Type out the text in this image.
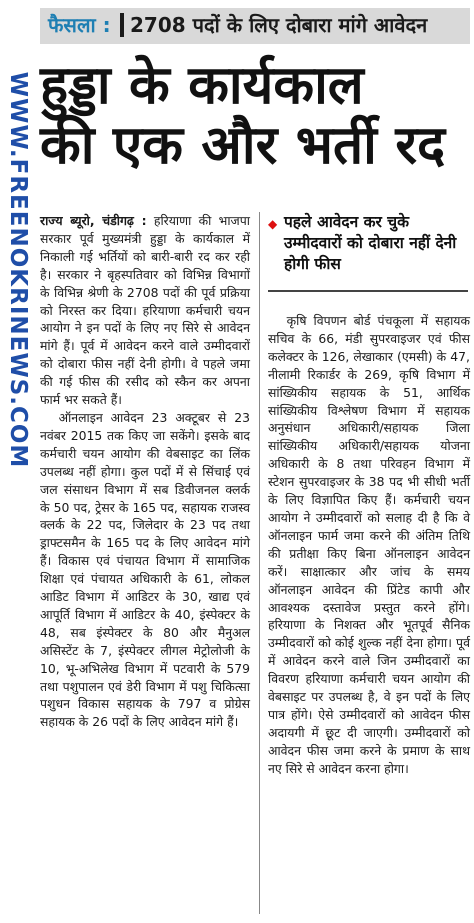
फैसला : 2708 पदों के लिए दोबारा मांगे आवेदन
WWW.FREENOKRINEWS.COM हुड्डा के कार्यकाल
की एक और भर्ती रद

राज्य ब्यूरो, चंडीगढ़ : हरियाणा की भाजपा सरकार पूर्व मुख्यमंत्री हुड्डा के कार्यकाल में निकाली गई भर्तियों को बारी-बारी रद कर रही है। सरकार ने बृहस्पतिवार को विभिन्न विभागों के विभिन्न श्रेणी के 2708 पदों की पूर्व प्रक्रिया को निरस्त कर दिया। हरियाणा कर्मचारी चयन आयोग ने इन पदों के लिए नए सिरे से आवेदन मांगे हैं। पूर्व में आवेदन करने वाले उम्मीदवारों को दोबारा फीस नहीं देनी होगी। वे पहले जमा की गई फीस की रसीद को स्कैन कर अपना फार्म भर सकते हैं।

ऑनलाइन आवेदन 23 अक्टूबर से 23 नवंबर 2015 तक किए जा सकेंगे। इसके बाद कर्मचारी चयन आयोग की वेबसाइट का लिंक उपलब्ध नहीं होगा। कुल पदों में से सिंचाई एवं जल संसाधन विभाग में सब डिवीजनल क्लर्क के 50 पद, ट्रेसर के 165 पद, सहायक राजस्व क्लर्क के 22 पद, जिलेदार के 23 पद तथा ड्राफ्टसमैन के 165 पद के लिए आवेदन मांगे हैं। विकास एवं पंचायत विभाग में सामाजिक शिक्षा एवं पंचायत अधिकारी के 61, लोकल आडिट विभाग में आडिटर के 30, खाद्य एवं आपूर्ति विभाग में आडिटर के 40, इंस्पेक्टर के 48, सब इंस्पेक्टर के 80 और मैनुअल असिस्टेंट के 7, इंस्पेक्टर लीगल मेट्रोलोजी के 10, भू-अभिलेख विभाग में पटवारी के 579 तथा पशुपालन एवं डेरी विभाग में पशु चिकित्सा पशुधन विकास सहायक के 797 व प्रोग्रेस सहायक के 26 पदों के लिए आवेदन मांगे हैं।

◆ पहले आवेदन कर चुके उम्मीदवारों को दोबारा नहीं देनी होगी फीस

कृषि विपणन बोर्ड पंचकूला में सहायक सचिव के 66, मंडी सुपरवाइजर एवं फीस कलेक्टर के 126, लेखाकार (एमसी) के 47, नीलामी रिकार्डर के 269, कृषि विभाग में सांख्यिकीय सहायक के 51, आर्थिक सांख्यिकीय विश्लेषण विभाग में सहायक अनुसंधान अधिकारी/सहायक जिला सांख्यिकीय अधिकारी/सहायक योजना अधिकारी के 8 तथा परिवहन विभाग में स्टेशन सुपरवाइजर के 38 पद भी सीधी भर्ती के लिए विज्ञापित किए हैं। कर्मचारी चयन आयोग ने उम्मीदवारों को सलाह दी है कि वे ऑनलाइन फार्म जमा करने की अंतिम तिथि की प्रतीक्षा किए बिना ऑनलाइन आवेदन करें। साक्षात्कार और जांच के समय ऑनलाइन आवेदन की प्रिंटेड कापी और आवश्यक दस्तावेज प्रस्तुत करने होंगे। हरियाणा के निशक्त और भूतपूर्व सैनिक उम्मीदवारों को कोई शुल्क नहीं देना होगा। पूर्व में आवेदन करने वाले जिन उम्मीदवारों का विवरण हरियाणा कर्मचारी चयन आयोग की वेबसाइट पर उपलब्ध है, वे इन पदों के लिए पात्र होंगे। ऐसे उम्मीदवारों को आवेदन फीस अदायगी में छूट दी जाएगी। उम्मीदवारों को आवेदन फीस जमा करने के प्रमाण के साथ नए सिरे से आवेदन करना होगा।
